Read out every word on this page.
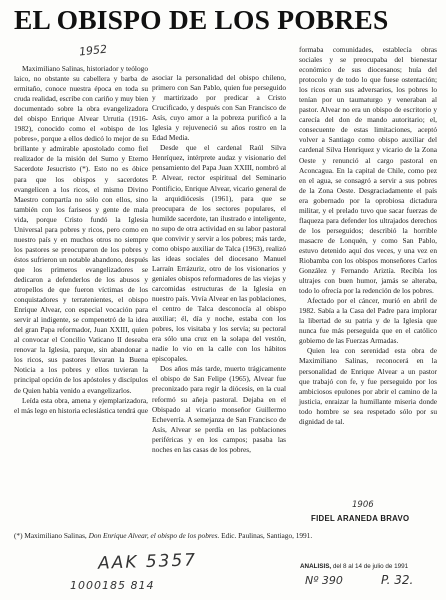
EL OBISPO DE LOS POBRES
1952

Maximiliano Salinas, historiador y teólogo laico, no obstante su cabellera y barba de ermitaño, conoce nuestra época en toda su cruda realidad, escribe con cariño y muy bien documentado sobre la obra evangelizadora del obispo Enrique Alvear Urrutia (1916-1982), conocido como el «obispo de los pobres», porque a ellos dedicó lo mejor de su brillante y admirable apostolado como fiel realizador de la misión del Sumo y Eterno Sacerdote Jesucristo (*). Esto no es óbice para que los obispos y sacerdotes evangelicen a los ricos, el mismo Divino Maestro compartía no sólo con ellos, sino también con los fariseos y gente de mala vida, porque Cristo fundó la Iglesia Universal para pobres y ricos, pero como en nuestro país y en muchos otros no siempre los pastores se preocuparon de los pobres y éstos sufrieron un notable abandono, después que los primeros evangelizadores se dedicaron a defenderlos de los abusos y atropellos de que fueron víctimas de los conquistadores y terratenientes, el obispo Enrique Alvear, con especial vocación para servir al indigente, se compenetró de la idea del gran Papa reformador, Juan XXIII, quien al convocar el Concilio Vaticano II deseaba renovar la Iglesia, parque, sin abandonar a los ricos, sus pastores llevaran la Buena Noticia a los pobres y ellos tuvieran la principal opción de los apóstoles y discípulos de Quien había venido a evangelizarlos.

Leída esta obra, amena y ejemplarizadora, el más lego en historia eclesiástica tendrá que

asociar la personalidad del obispo chileno, primero con San Pablo, quien fue perseguido y martirizado por predicar a Cristo Crucificado, y después con San Francisco de Asís, cuyo amor a la pobreza purificó a la Iglesia y rejuveneció su años rostro en la Edad Media.

Desde que el cardenal Raúl Silva Henríquez, intérprete audaz y visionario del pensamiento del Papa Juan XXIII, nombró al P. Alvear, rector espiritual del Seminario Pontificio, Enrique Alvear, vicario general de la arquidiócesis (1961), para que se preocupara de los sectores populares, el humilde sacerdote, tan ilustrado e inteligente, no supo de otra actividad en su labor pastoral que convivir y servir a los pobres; más tarde, como obispo auxiliar de Talca (1963), realizó las ideas sociales del diocesano Manuel Larraín Errázuriz, otro de los visionarios y geniales obispos reformadores de las viejas y carcomidas estructuras de la Iglesia en nuestro país. Vivía Alvear en las poblaciones, el centro de Talca desconocía al obispo auxiliar; él, día y noche, estaba con los pobres, los visitaba y los servía; su pectoral era sólo una cruz en la solapa del vestón, nadie lo vio en la calle con los hábitos episcopales.

Dos años más tarde, muerto trágicamente el obispo de San Felipe (1965), Alvear fue preconizado para regir la diócesis, en la cual reformó su añeja pastoral. Dejaba en el Obispado al vicario monseñor Guillermo Echeverría. A semejanza de San Francisco de Asís, Alvear se perdía en las poblaciones periféricas y en los campos; pasaba las noches en las casas de los pobres,

formaba comunidades, establecía obras sociales y se preocupaba del bienestar económico de sus diocesanos; huía del protocolo y de todo lo que fuese ostentación; los ricos eran sus adversarios, los pobres lo tenían por un taumaturgo y veneraban al pastor. Alvear no era un obispo de escritorio y carecía del don de mando autoritario; el, consecuente de estas limitaciones, aceptó volver a Santiago como obispo auxiliar del cardenal Silva Henríquez y vicario de la Zona Oeste y renunció al cargo pastoral en Aconcagua. En la capital de Chile, como pez en el agua, se consagró a servir a sus pobres de la Zona Oeste. Desgraciadamente el país era gobernado por la oprobiosa dictadura militar, y el prelado tuvo que sacar fuerzas de flaqueza para defender los ultrajados derechos de los perseguidos; describió la horrible masacre de Lonquén, y como San Pablo, estuvo detenido aquí dos veces, y una vez en Riobamba con los obispos monseñores Carlos González y Fernando Ariztía. Recibía los ultrajes con buen humor, jamás se alteraba, todo lo ofrecía por la redención de los pobres.

Afectado por el cáncer, murió en abril de 1982. Sabía a la Casa del Padre para implorar la libertad de su patria y de la Iglesia que nunca fue más perseguida que en el católico gobierno de las Fuerzas Armadas.

Quien lea con serenidad esta obra de Maximiliano Salinas, reconocerá en la personalidad de Enrique Alvear a un pastor que trabajó con fe, y fue perseguido por los ambiciosos epulones por abrir el camino de la justicia, enraizar la humillante miseria donde todo hombre se sea respetado sólo por su dignidad de tal.

1906
FIDEL ARANEDA BRAVO
(*) Maximiliano Salinas, Don Enrique Alvear, el obispo de los pobres. Edic. Paulinas, Santiago, 1991.
AAK 5357	ANALISIS, del 8 al 14 de julio de 1991
1000185 814	Nº 390	P. 32.
